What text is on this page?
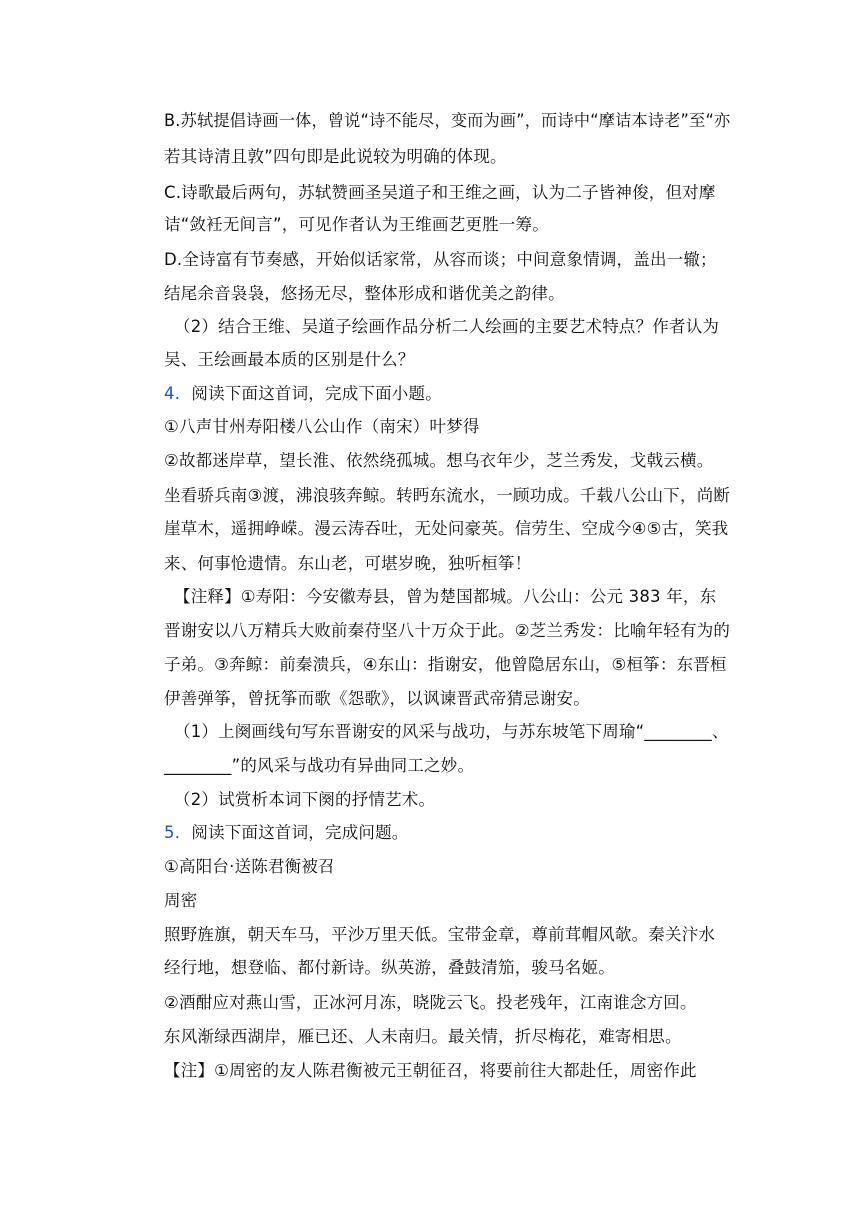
B.苏轼提倡诗画一体，曾说“诗不能尽，变而为画”，而诗中“摩诘本诗老”至“亦
若其诗清且敦”四句即是此说较为明确的体现。
C.诗歌最后两句，苏轼赞画圣吴道子和王维之画，认为二子皆神俊，但对摩
诘“敛衽无间言”，可见作者认为王维画艺更胜一筹。
D.全诗富有节奏感，开始似话家常，从容而谈；中间意象情调，盖出一辙；
结尾余音袅袅，悠扬无尽，整体形成和谐优美之韵律。
（2）结合王维、吴道子绘画作品分析二人绘画的主要艺术特点？作者认为
吴、王绘画最本质的区别是什么？
4．阅读下面这首词，完成下面小题。
①八声甘州寿阳楼八公山作（南宋）叶梦得
②故都迷岸草，望长淮、依然绕孤城。想乌衣年少，芝兰秀发，戈戟云横。
坐看骄兵南③渡，沸浪骇奔鲸。转眄东流水，一顾功成。千载八公山下，尚断
崖草木，遥拥峥嵘。漫云涛吞吐，无处问豪英。信劳生、空成今④⑤古，笑我
来、何事怆遗情。东山老，可堪岁晚，独听桓筝！
【注释】①寿阳：今安徽寿县，曾为楚国都城。八公山：公元 383 年，东
晋谢安以八万精兵大败前秦苻坚八十万众于此。②芝兰秀发：比喻年轻有为的
子弟。③奔鲸：前秦溃兵，④东山：指谢安，他曾隐居东山，⑤桓筝：东晋桓
伊善弹筝，曾抚筝而歌《怨歌》，以讽谏晋武帝猜忌谢安。
（1）上阕画线句写东晋谢安的风采与战功，与苏东坡笔下周瑜“________、
________”的风采与战功有异曲同工之妙。
（2）试赏析本词下阕的抒情艺术。
5．阅读下面这首词，完成问题。
①高阳台·送陈君衡被召
周密
照野旌旗，朝天车马，平沙万里天低。宝带金章，尊前茸帽风欹。秦关汴水
经行地，想登临、都付新诗。纵英游，叠鼓清笳，骏马名姬。
②酒酣应对燕山雪，正冰河月冻，晓陇云飞。投老残年，江南谁念方回。
东风渐绿西湖岸，雁已还、人未南归。最关情，折尽梅花，难寄相思。
【注】①周密的友人陈君衡被元王朝征召，将要前往大都赴任，周密作此
